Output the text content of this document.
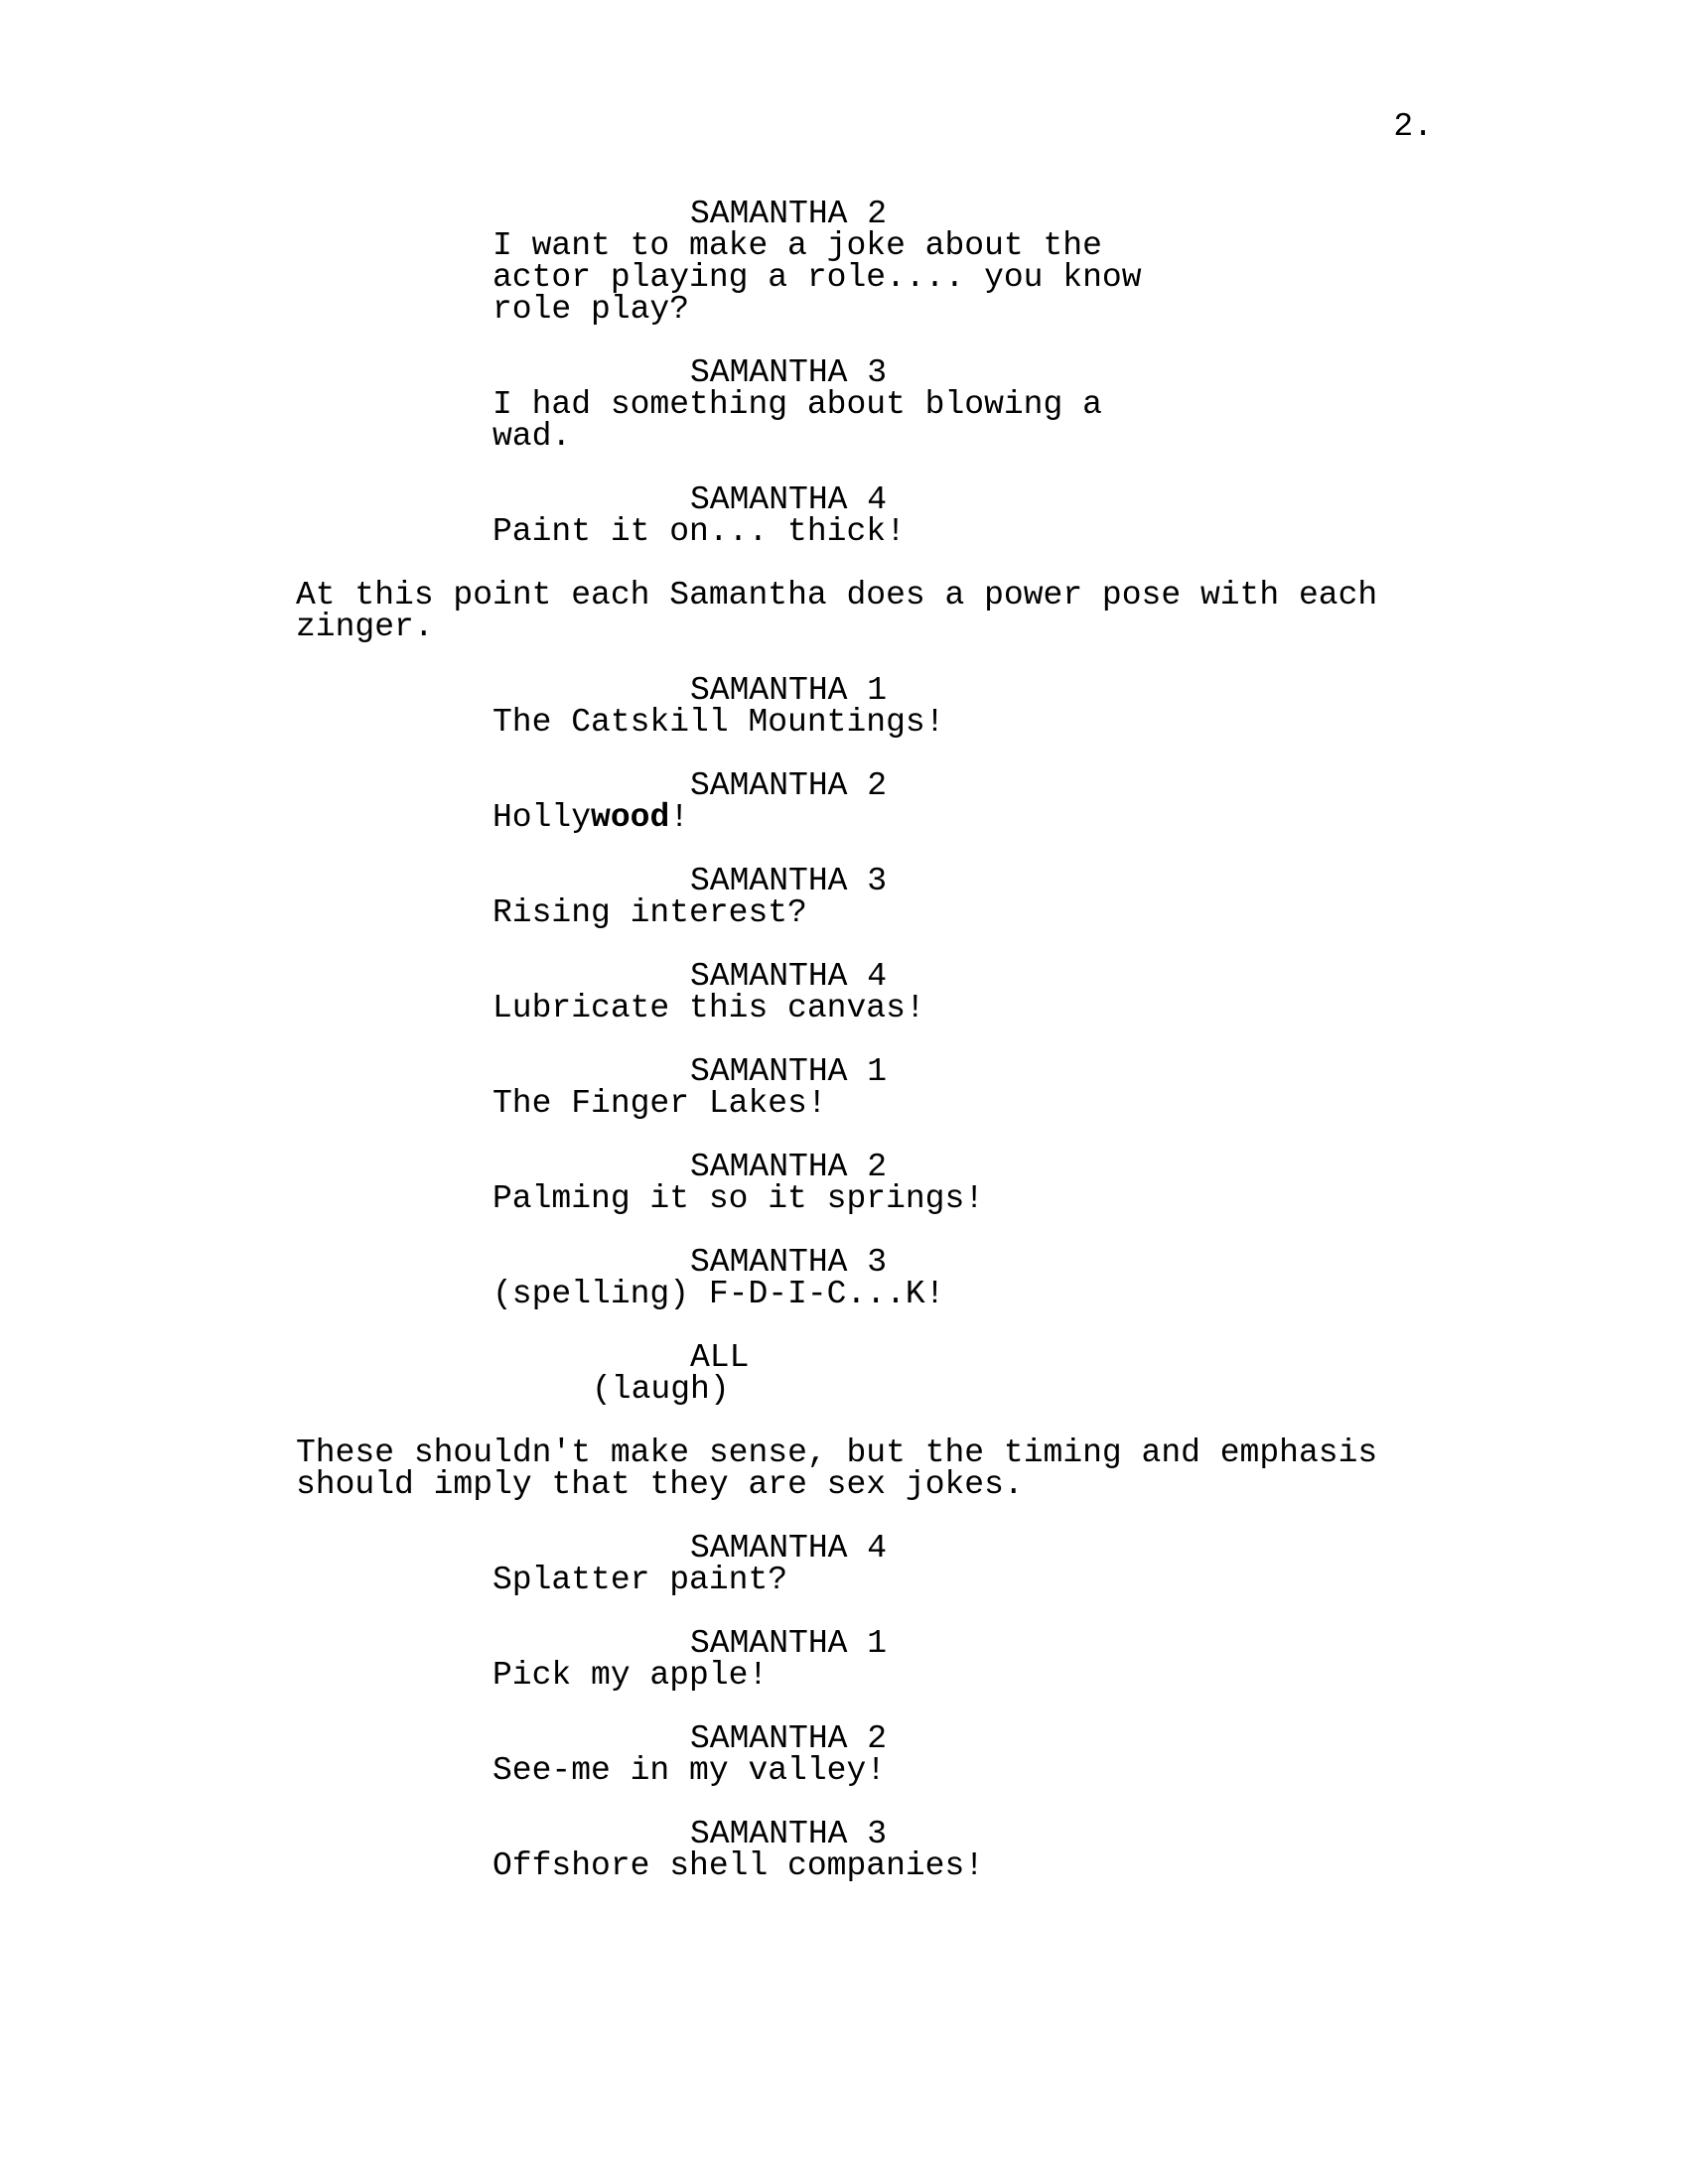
2.
SAMANTHA 2
I want to make a joke about the
actor playing a role.... you know
role play?
SAMANTHA 3
I had something about blowing a
wad.
SAMANTHA 4
Paint it on... thick!
At this point each Samantha does a power pose with each
zinger.
SAMANTHA 1
The Catskill Mountings!
SAMANTHA 2
Hollywood!
SAMANTHA 3
Rising interest?
SAMANTHA 4
Lubricate this canvas!
SAMANTHA 1
The Finger Lakes!
SAMANTHA 2
Palming it so it springs!
SAMANTHA 3
(spelling) F-D-I-C...K!
ALL
(laugh)
These shouldn't make sense, but the timing and emphasis
should imply that they are sex jokes.
SAMANTHA 4
Splatter paint?
SAMANTHA 1
Pick my apple!
SAMANTHA 2
See-me in my valley!
SAMANTHA 3
Offshore shell companies!
